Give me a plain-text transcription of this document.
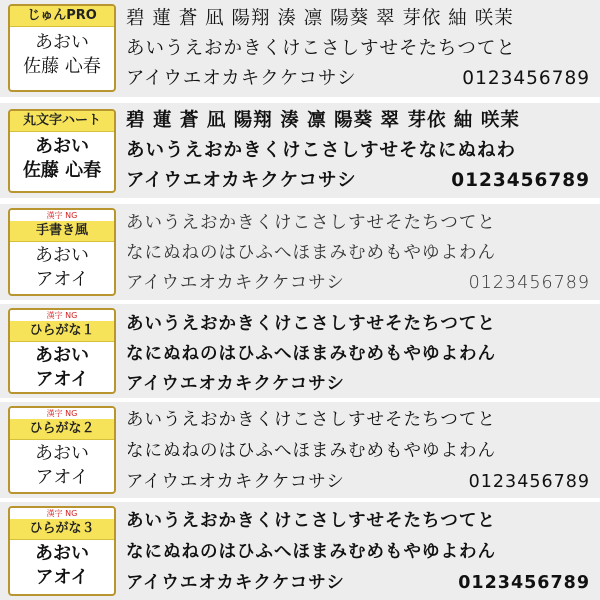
じゅんPRO
あおい
佐藤 心春
碧 蓮 蒼 凪 陽翔 湊 凛 陽葵 翠 芽依 紬 咲茉
あいうえおかきくけこさしすせそたちつてと
アイウエオカキクケコサシ	0123456789
丸文字ハート
あおい
佐藤 心春
碧 蓮 蒼 凪 陽翔 湊 凛 陽葵 翠 芽依 紬 咲茉
あいうえおかきくけこさしすせそなにぬねわ
アイウエオカキクケコサシ	0123456789
漢字 NG
手書き風
あおい
アオイ
あいうえおかきくけこさしすせそたちつてと
なにぬねのはひふへほまみむめもやゆよわん
アイウエオカキクケコサシ	0123456789
漢字 NG
ひらがな１
あおい
アオイ
あいうえおかきくけこさしすせそたちつてと
なにぬねのはひふへほまみむめもやゆよわん
アイウエオカキクケコサシ
漢字 NG
ひらがな２
あおい
アオイ
あいうえおかきくけこさしすせそたちつてと
なにぬねのはひふへほまみむめもやゆよわん
アイウエオカキクケコサシ	0123456789
漢字 NG
ひらがな３
あおい
アオイ
あいうえおかきくけこさしすせそたちつてと
なにぬねのはひふへほまみむめもやゆよわん
アイウエオカキクケコサシ	0123456789
